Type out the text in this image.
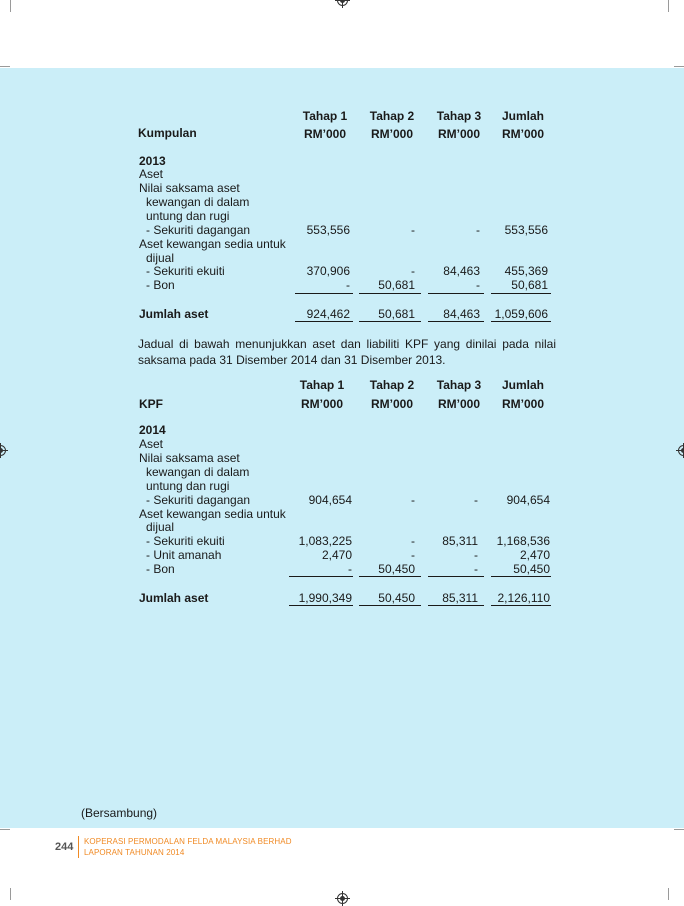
Tahap 1	Tahap 2	Tahap 3	Jumlah
RM’000	RM’000	RM’000	RM’000
Kumpulan
2013
Aset
Nilai saksama aset
kewangan di dalam
untung dan rugi
- Sekuriti dagangan	553,556	-	-	553,556
Aset kewangan sedia untuk
dijual
- Sekuriti ekuiti	370,906	-	84,463	455,369
- Bon	-	50,681	-	50,681
Jumlah aset	924,462	50,681	84,463	1,059,606
Jadual di bawah menunjukkan aset dan liabiliti KPF yang dinilai pada nilai saksama pada 31 Disember 2014 dan 31 Disember 2013.
Tahap 1	Tahap 2	Tahap 3	Jumlah
RM’000	RM’000	RM’000	RM’000
KPF
2014
Aset
Nilai saksama aset
kewangan di dalam
untung dan rugi
- Sekuriti dagangan	904,654	-	-	904,654
Aset kewangan sedia untuk
dijual
- Sekuriti ekuiti	1,083,225	-	85,311	1,168,536
- Unit amanah	2,470	-	-	2,470
- Bon	-	50,450	-	50,450
Jumlah aset	1,990,349	50,450	85,311	2,126,110
(Bersambung)
244 KOPERASI PERMODALAN FELDA MALAYSIA BERHAD
LAPORAN TAHUNAN 2014
